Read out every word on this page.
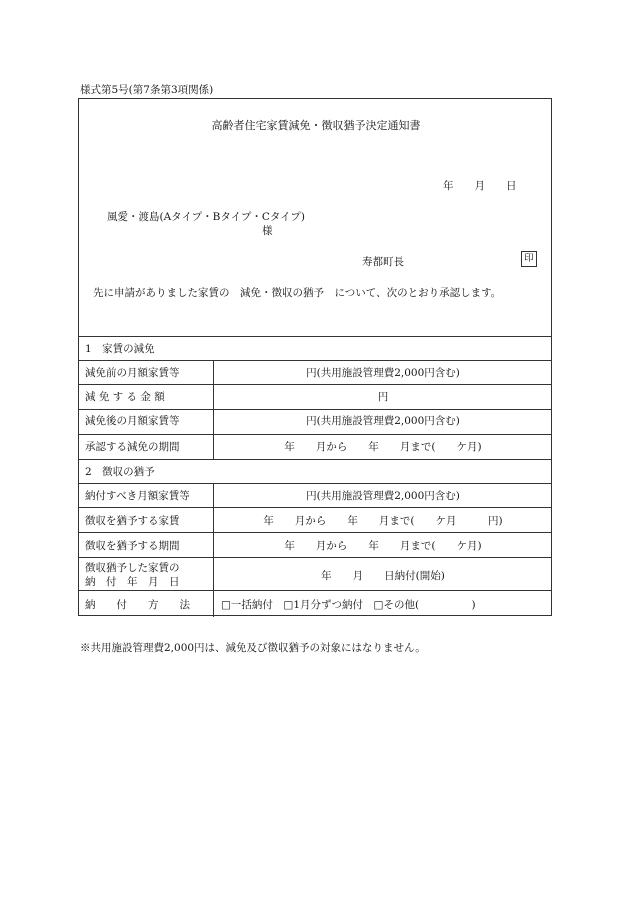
様式第5号(第7条第3項関係)
高齢者住宅家賃減免・徴収猶予決定通知書
年　　月　　日
風愛・渡島(Aタイプ・Bタイプ・Cタイプ)
様
寿都町長	印
先に申請がありました家賃の　減免・徴収の猶予　について、次のとおり承認します。
1　家賃の減免
減免前の月額家賃等	円(共用施設管理費2,000円含む)
減 免 す る 金 額	円
減免後の月額家賃等	円(共用施設管理費2,000円含む)
承認する減免の期間	年　　月から　　年　　月まで(　　ケ月)
2　徴収の猶予
納付すべき月額家賃等	円(共用施設管理費2,000円含む)
徴収を猶予する家賃	年　　月から　　年　　月まで(　　ケ月　　　円)
徴収を猶予する期間	年　　月から　　年　　月まで(　　ケ月)
徴収猶予した家賃の
納　付　年　月　日	年　　月　　日納付(開始)
納　　付　　方　　法	□一括納付　□1月分ずつ納付　□その他(　　　　　)
※共用施設管理費2,000円は、減免及び徴収猶予の対象にはなりません。
